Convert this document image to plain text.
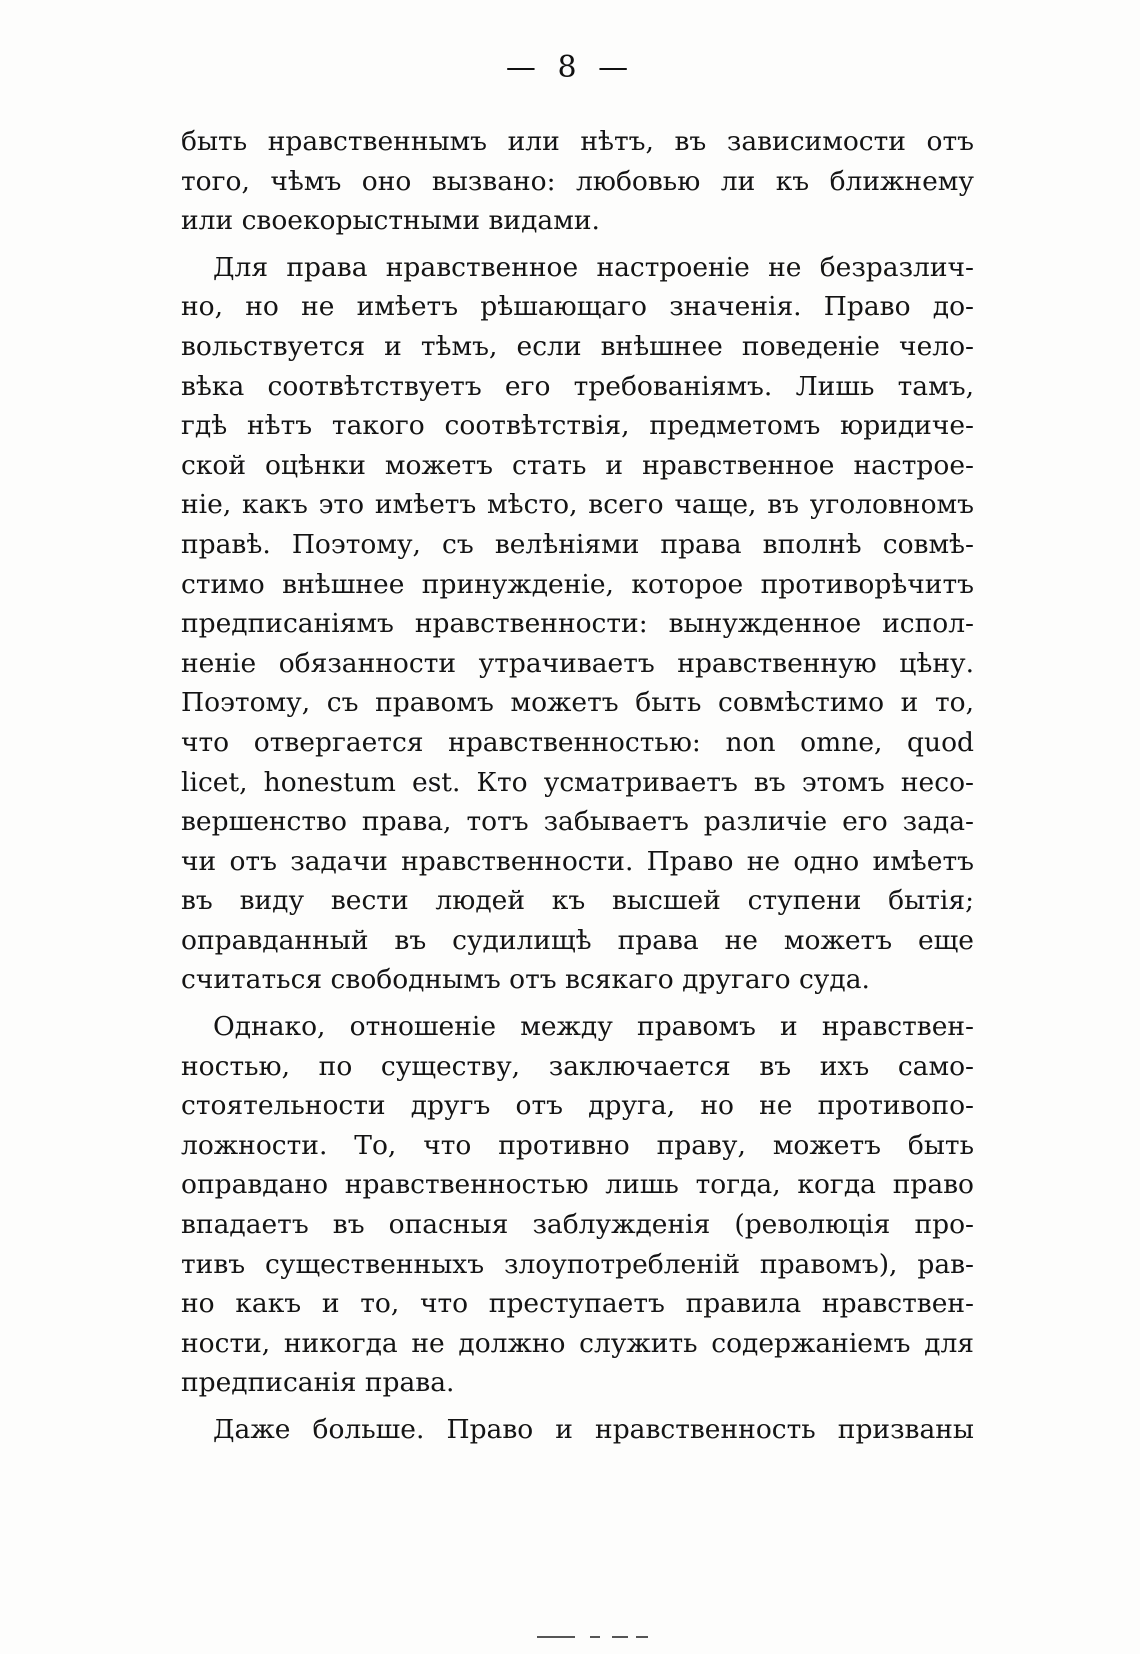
— 8 —
быть нравственнымъ или нѣтъ, въ зависимости отъ
того, чѣмъ оно вызвано: любовью ли къ ближнему
или своекорыстными видами.
Для права нравственное настроенiе не безразлич-
но, но не имѣетъ рѣшающаго значенiя. Право до-
вольствуется и тѣмъ, если внѣшнее поведенiе чело-
вѣка соотвѣтствуетъ его требованiямъ. Лишь тамъ,
гдѣ нѣтъ такого соотвѣтствiя, предметомъ юридиче-
ской оцѣнки можетъ стать и нравственное настрое-
нiе, какъ это имѣетъ мѣсто, всего чаще, въ уголовномъ
правѣ. Поэтому, съ велѣнiями права вполнѣ совмѣ-
стимо внѣшнее принужденiе, которое противорѣчитъ
предписанiямъ нравственности: вынужденное испол-
ненiе обязанности утрачиваетъ нравственную цѣну.
Поэтому, съ правомъ можетъ быть совмѣстимо и то,
что отвергается нравственностью: non omne, quod
licet, honestum est. Кто усматриваетъ въ этомъ несо-
вершенство права, тотъ забываетъ различiе его зада-
чи отъ задачи нравственности. Право не одно имѣетъ
въ виду вести людей къ высшей ступени бытiя;
оправданный въ судилищѣ права не можетъ еще
считаться свободнымъ отъ всякаго другаго суда.
Однако, отношенiе между правомъ и нравствен-
ностью, по существу, заключается въ ихъ само-
стоятельности другъ отъ друга, но не противопо-
ложности. То, что противно праву, можетъ быть
оправдано нравственностью лишь тогда, когда право
впадаетъ въ опасныя заблужденiя (революцiя про-
тивъ существенныхъ злоупотребленiй правомъ), рав-
но какъ и то, что преступаетъ правила нравствен-
ности, никогда не должно служить содержанiемъ для
предписанiя права.
Даже больше. Право и нравственность призваны
